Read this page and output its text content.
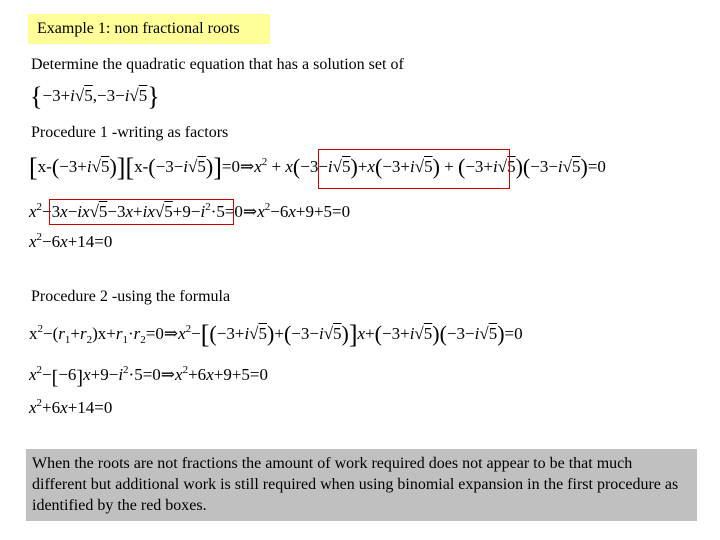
Example 1: non fractional roots
Determine the quadratic equation that has a solution set of
{−3+i√5,−3−i√5}
Procedure 1 -writing as factors
$[x-(-3+i√5)][x-(-3-i√5)]=0\Rightarrow x^2 + x(-3-i√5)+x(-3+i√5) + (-3+i√5)(-3-i√5)=0$
$x^2-3x-ix√5-3x+ix√5+9-i^2\cdot 5=0\Rightarrow x^2-6x+9+5=0$
$x^2-6x+14=0$
Procedure 2 -using the formula
$x^2-(r_1+r_2)x+r_1\cdot r_2=0\Rightarrow x^2-[(-3+i√5)+(-3-i√5)]x+(-3+i√5)(-3-i√5)=0$
$x^2-[-6]x+9-i^2\cdot 5=0\Rightarrow x^2+6x+9+5=0$
$x^2+6x+14=0$
When the roots are not fractions the amount of work required does not appear to be that much different but additional work is still required when using binomial expansion in the first procedure as identified by the red boxes.
